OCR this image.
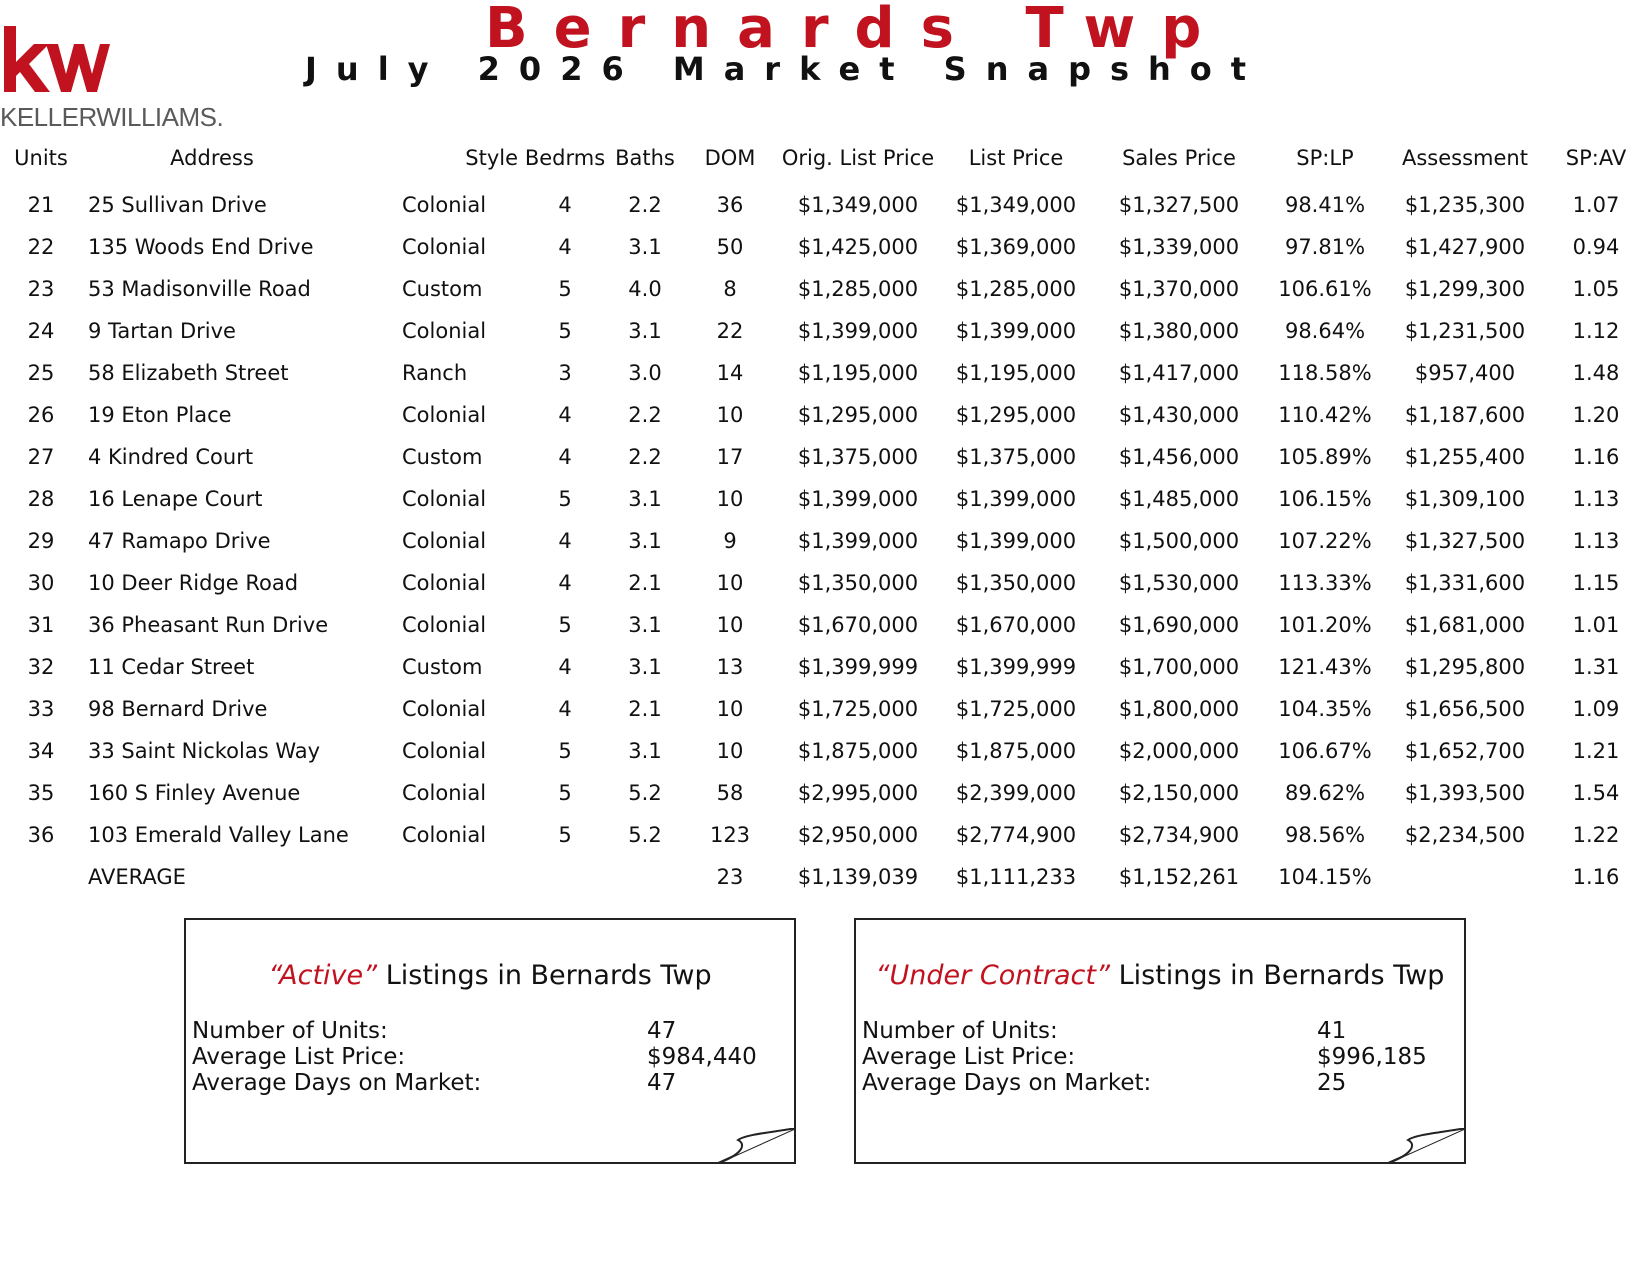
KELLERWILLIAMS.
Bernards Twp
July 2026 Market Snapshot
Units	Address	Style	Bedrms	Baths	DOM	Orig. List Price	List Price	Sales Price	SP:LP	Assessment	SP:AV
21	25 Sullivan Drive	Colonial	4	2.2	36	$1,349,000	$1,349,000	$1,327,500	98.41%	$1,235,300	1.07
22	135 Woods End Drive	Colonial	4	3.1	50	$1,425,000	$1,369,000	$1,339,000	97.81%	$1,427,900	0.94
23	53 Madisonville Road	Custom	5	4.0	8	$1,285,000	$1,285,000	$1,370,000	106.61%	$1,299,300	1.05
24	9 Tartan Drive	Colonial	5	3.1	22	$1,399,000	$1,399,000	$1,380,000	98.64%	$1,231,500	1.12
25	58 Elizabeth Street	Ranch	3	3.0	14	$1,195,000	$1,195,000	$1,417,000	118.58%	$957,400	1.48
26	19 Eton Place	Colonial	4	2.2	10	$1,295,000	$1,295,000	$1,430,000	110.42%	$1,187,600	1.20
27	4 Kindred Court	Custom	4	2.2	17	$1,375,000	$1,375,000	$1,456,000	105.89%	$1,255,400	1.16
28	16 Lenape Court	Colonial	5	3.1	10	$1,399,000	$1,399,000	$1,485,000	106.15%	$1,309,100	1.13
29	47 Ramapo Drive	Colonial	4	3.1	9	$1,399,000	$1,399,000	$1,500,000	107.22%	$1,327,500	1.13
30	10 Deer Ridge Road	Colonial	4	2.1	10	$1,350,000	$1,350,000	$1,530,000	113.33%	$1,331,600	1.15
31	36 Pheasant Run Drive	Colonial	5	3.1	10	$1,670,000	$1,670,000	$1,690,000	101.20%	$1,681,000	1.01
32	11 Cedar Street	Custom	4	3.1	13	$1,399,999	$1,399,999	$1,700,000	121.43%	$1,295,800	1.31
33	98 Bernard Drive	Colonial	4	2.1	10	$1,725,000	$1,725,000	$1,800,000	104.35%	$1,656,500	1.09
34	33 Saint Nickolas Way	Colonial	5	3.1	10	$1,875,000	$1,875,000	$2,000,000	106.67%	$1,652,700	1.21
35	160 S Finley Avenue	Colonial	5	5.2	58	$2,995,000	$2,399,000	$2,150,000	89.62%	$1,393,500	1.54
36	103 Emerald Valley Lane	Colonial	5	5.2	123	$2,950,000	$2,774,900	$2,734,900	98.56%	$2,234,500	1.22
	AVERAGE				23	$1,139,039	$1,111,233	$1,152,261	104.15%		1.16
“Active” Listings in Bernards Twp
Number of Units:	47
Average List Price:	$984,440
Average Days on Market:	47
“Under Contract” Listings in Bernards Twp
Number of Units:	41
Average List Price:	$996,185
Average Days on Market:	25
